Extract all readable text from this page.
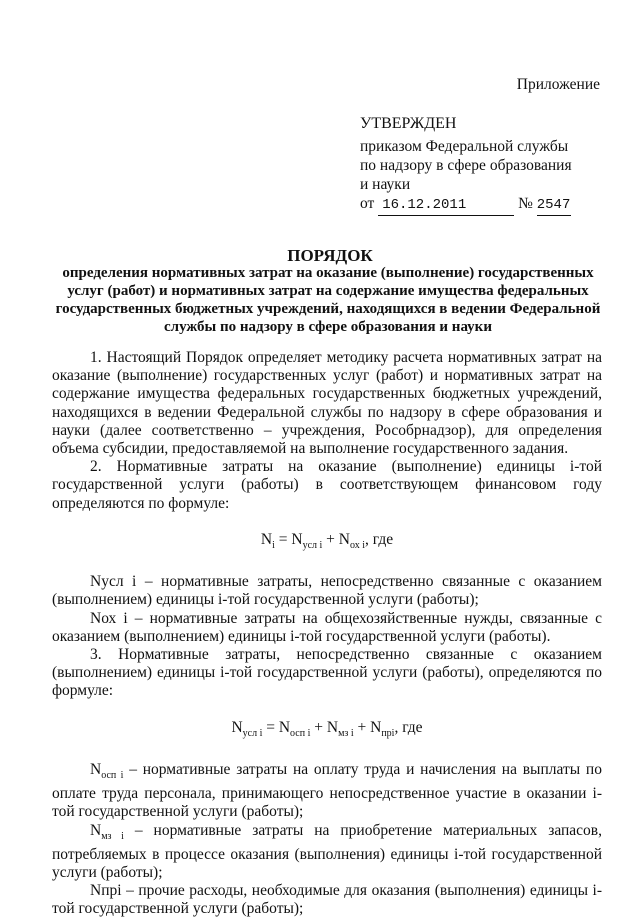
Приложение
УТВЕРЖДЕН
приказом Федеральной службы
по надзору в сфере образования
и науки
от 16.12.2011	№ 2547
ПОРЯДОК
определения нормативных затрат на оказание (выполнение) государственных услуг (работ) и нормативных затрат на содержание имущества федеральных государственных бюджетных учреждений, находящихся в ведении Федеральной службы по надзору в сфере образования и науки

1. Настоящий Порядок определяет методику расчета нормативных затрат на оказание (выполнение) государственных услуг (работ) и нормативных затрат на содержание имущества федеральных государственных бюджетных учреждений, находящихся в ведении Федеральной службы по надзору в сфере образования и науки (далее соответственно – учреждения, Рособрнадзор), для определения объема субсидии, предоставляемой на выполнение государственного задания.

2. Нормативные затраты на оказание (выполнение) единицы i-той государственной услуги (работы) в соответствующем финансовом году определяются по формуле:

$N_i = N_{усл i} + N_{ох i}$, где

Nусл i – нормативные затраты, непосредственно связанные с оказанием (выполнением) единицы i-той государственной услуги (работы);

Nох i – нормативные затраты на общехозяйственные нужды, связанные с оказанием (выполнением) единицы i-той государственной услуги (работы).

3. Нормативные затраты, непосредственно связанные с оказанием (выполнением) единицы i-той государственной услуги (работы), определяются по формуле:

$N_{усл i} = N_{осп i} + N_{мз i} + N_{прi}$, где

$N_{осп i}$ – нормативные затраты на оплату труда и начисления на выплаты по оплате труда персонала, принимающего непосредственное участие в оказании i-той государственной услуги (работы);

$N_{мз i}$ – нормативные затраты на приобретение материальных запасов, потребляемых в процессе оказания (выполнения) единицы i-той государственной услуги (работы);

Nпрi – прочие расходы, необходимые для оказания (выполнения) единицы i-той государственной услуги (работы);
